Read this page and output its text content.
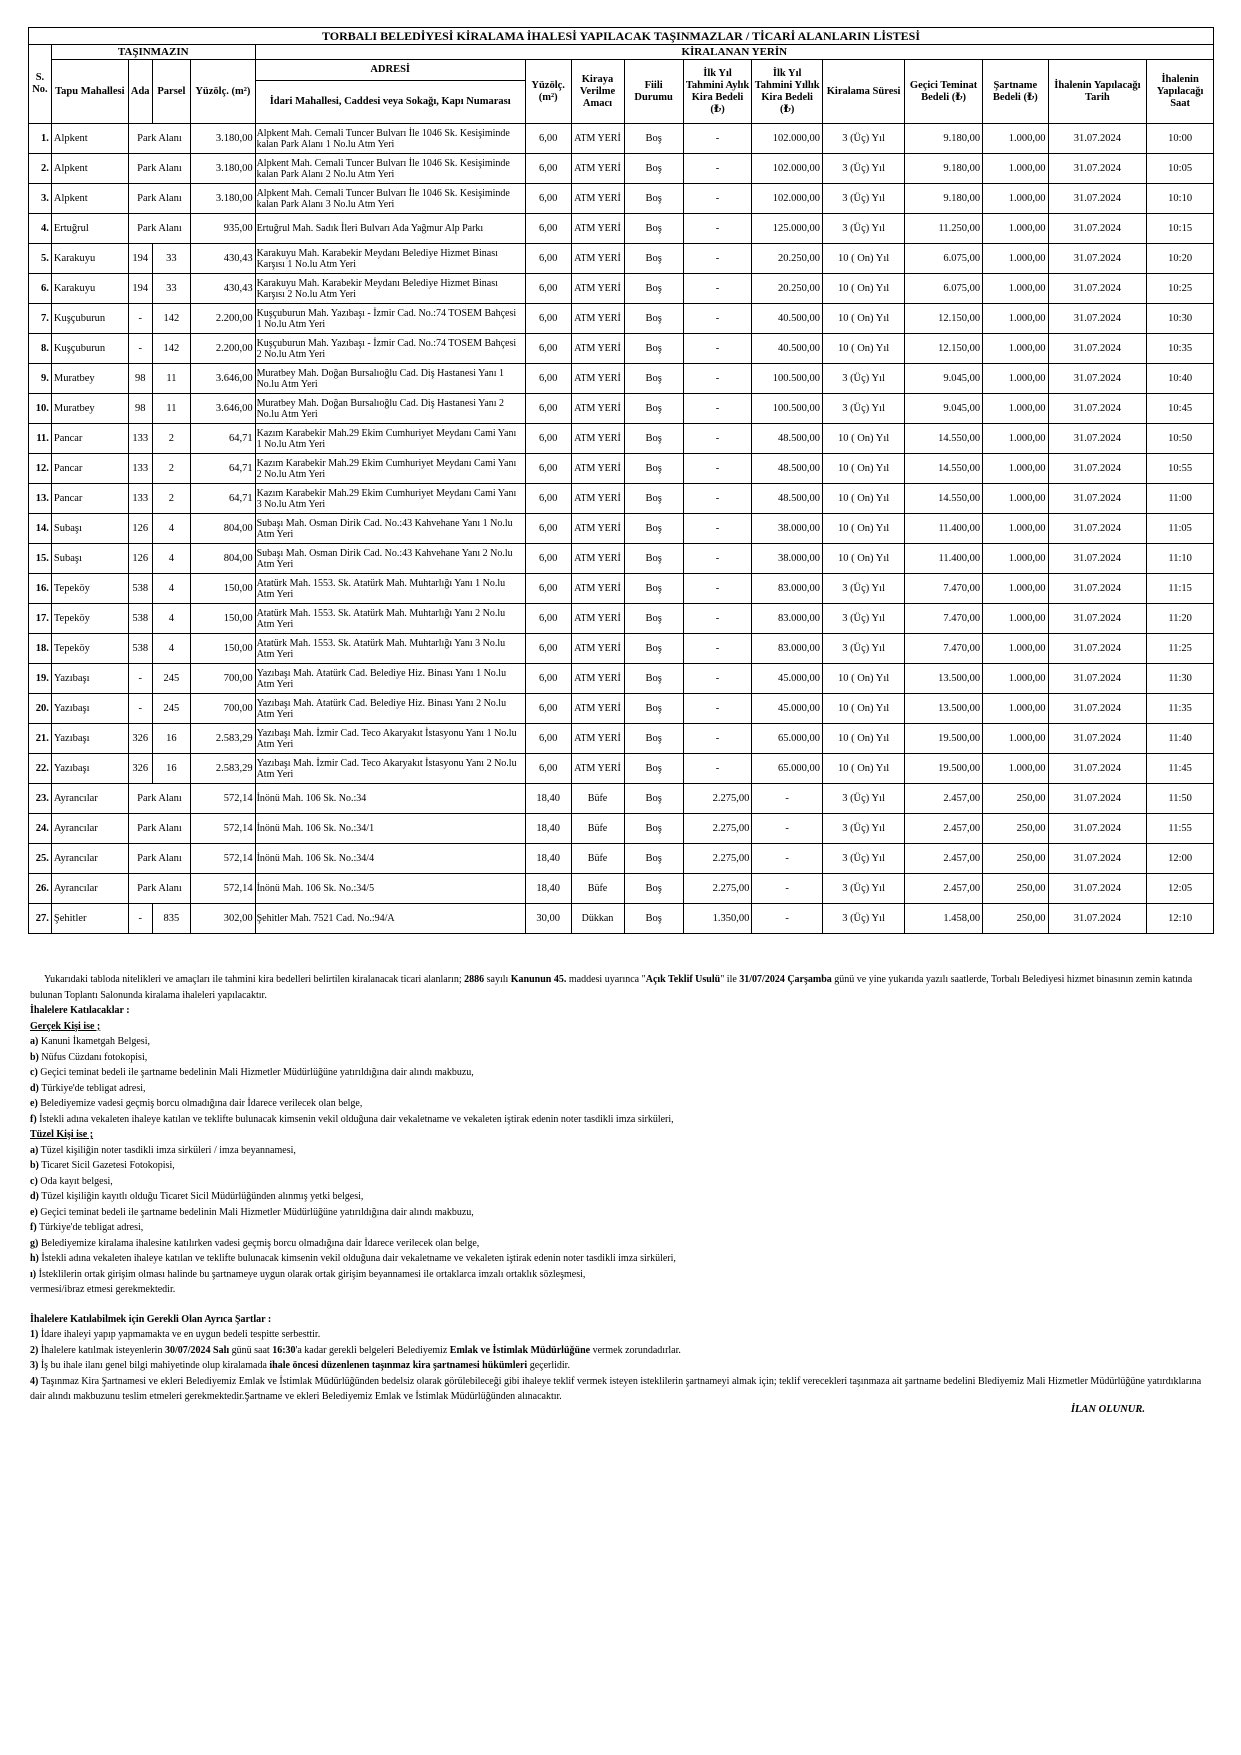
TORBALI BELEDİYESİ KİRALAMA İHALESİ YAPILACAK TAŞINMAZLAR / TİCARİ ALANLARIN LİSTESİ															
S. No.	TAŞINMAZIN				KİRALANAN YERİN										
	Tapu Mahallesi	Ada	Parsel	Yüzölç. (m²)	ADRESİ	Yüzölç. (m²)	Kiraya Verilme Amacı	Fiili Durumu	İlk Yıl Tahmini Aylık Kira Bedeli (₺)	İlk Yıl Tahmini Yıllık Kira Bedeli (₺)	Kiralama Süresi	Geçici Teminat Bedeli (₺)	Şartname Bedeli (₺)	İhalenin Yapılacağı Tarih	İhalenin Yapılacağı Saat
					İdari Mahallesi, Caddesi veya Sokağı, Kapı Numarası										
1.	Alpkent	Park Alanı		3.180,00	Alpkent Mah. Cemali Tuncer Bulvarı İle 1046 Sk. Kesişiminde kalan Park Alanı 1 No.lu Atm Yeri	6,00	ATM YERİ	Boş	-	102.000,00	3 (Üç) Yıl	9.180,00	1.000,00	31.07.2024	10:00
2.	Alpkent	Park Alanı		3.180,00	Alpkent Mah. Cemali Tuncer Bulvarı İle 1046 Sk. Kesişiminde kalan Park Alanı 2 No.lu Atm Yeri	6,00	ATM YERİ	Boş	-	102.000,00	3 (Üç) Yıl	9.180,00	1.000,00	31.07.2024	10:05
3.	Alpkent	Park Alanı		3.180,00	Alpkent Mah. Cemali Tuncer Bulvarı İle 1046 Sk. Kesişiminde kalan Park Alanı 3 No.lu Atm Yeri	6,00	ATM YERİ	Boş	-	102.000,00	3 (Üç) Yıl	9.180,00	1.000,00	31.07.2024	10:10
4.	Ertuğrul	Park Alanı		935,00	Ertuğrul Mah. Sadık İleri Bulvarı Ada Yağmur Alp Parkı	6,00	ATM YERİ	Boş	-	125.000,00	3 (Üç) Yıl	11.250,00	1.000,00	31.07.2024	10:15
5.	Karakuyu	194	33	430,43	Karakuyu Mah. Karabekir Meydanı Belediye Hizmet Binası Karşısı 1 No.lu Atm Yeri	6,00	ATM YERİ	Boş	-	20.250,00	10 ( On) Yıl	6.075,00	1.000,00	31.07.2024	10:20
6.	Karakuyu	194	33	430,43	Karakuyu Mah. Karabekir Meydanı Belediye Hizmet Binası Karşısı 2 No.lu Atm Yeri	6,00	ATM YERİ	Boş	-	20.250,00	10 ( On) Yıl	6.075,00	1.000,00	31.07.2024	10:25
7.	Kuşçuburun	-	142	2.200,00	Kuşçuburun Mah. Yazıbaşı - İzmir Cad. No.:74 TOSEM Bahçesi 1 No.lu Atm Yeri	6,00	ATM YERİ	Boş	-	40.500,00	10 ( On) Yıl	12.150,00	1.000,00	31.07.2024	10:30
8.	Kuşçuburun	-	142	2.200,00	Kuşçuburun Mah. Yazıbaşı - İzmir Cad. No.:74 TOSEM Bahçesi 2 No.lu Atm Yeri	6,00	ATM YERİ	Boş	-	40.500,00	10 ( On) Yıl	12.150,00	1.000,00	31.07.2024	10:35
9.	Muratbey	98	11	3.646,00	Muratbey Mah. Doğan Bursalıoğlu Cad. Diş Hastanesi Yanı 1 No.lu Atm Yeri	6,00	ATM YERİ	Boş	-	100.500,00	3 (Üç) Yıl	9.045,00	1.000,00	31.07.2024	10:40
10.	Muratbey	98	11	3.646,00	Muratbey Mah. Doğan Bursalıoğlu Cad. Diş Hastanesi Yanı 2 No.lu Atm Yeri	6,00	ATM YERİ	Boş	-	100.500,00	3 (Üç) Yıl	9.045,00	1.000,00	31.07.2024	10:45
11.	Pancar	133	2	64,71	Kazım Karabekir Mah.29 Ekim Cumhuriyet Meydanı Cami Yanı 1 No.lu Atm Yeri	6,00	ATM YERİ	Boş	-	48.500,00	10 ( On) Yıl	14.550,00	1.000,00	31.07.2024	10:50
12.	Pancar	133	2	64,71	Kazım Karabekir Mah.29 Ekim Cumhuriyet Meydanı Cami Yanı 2 No.lu Atm Yeri	6,00	ATM YERİ	Boş	-	48.500,00	10 ( On) Yıl	14.550,00	1.000,00	31.07.2024	10:55
13.	Pancar	133	2	64,71	Kazım Karabekir Mah.29 Ekim Cumhuriyet Meydanı Cami Yanı 3 No.lu Atm Yeri	6,00	ATM YERİ	Boş	-	48.500,00	10 ( On) Yıl	14.550,00	1.000,00	31.07.2024	11:00
14.	Subaşı	126	4	804,00	Subaşı Mah. Osman Dirik Cad. No.:43 Kahvehane Yanı 1 No.lu Atm Yeri	6,00	ATM YERİ	Boş	-	38.000,00	10 ( On) Yıl	11.400,00	1.000,00	31.07.2024	11:05
15.	Subaşı	126	4	804,00	Subaşı Mah. Osman Dirik Cad. No.:43 Kahvehane Yanı 2 No.lu Atm Yeri	6,00	ATM YERİ	Boş	-	38.000,00	10 ( On) Yıl	11.400,00	1.000,00	31.07.2024	11:10
16.	Tepeköy	538	4	150,00	Atatürk Mah. 1553. Sk. Atatürk Mah. Muhtarlığı Yanı 1 No.lu Atm Yeri	6,00	ATM YERİ	Boş	-	83.000,00	3 (Üç) Yıl	7.470,00	1.000,00	31.07.2024	11:15
17.	Tepeköy	538	4	150,00	Atatürk Mah. 1553. Sk. Atatürk Mah. Muhtarlığı Yanı 2 No.lu Atm Yeri	6,00	ATM YERİ	Boş	-	83.000,00	3 (Üç) Yıl	7.470,00	1.000,00	31.07.2024	11:20
18.	Tepeköy	538	4	150,00	Atatürk Mah. 1553. Sk. Atatürk Mah. Muhtarlığı Yanı 3 No.lu Atm Yeri	6,00	ATM YERİ	Boş	-	83.000,00	3 (Üç) Yıl	7.470,00	1.000,00	31.07.2024	11:25
19.	Yazıbaşı	-	245	700,00	Yazıbaşı Mah. Atatürk Cad. Belediye Hiz. Binası Yanı 1 No.lu Atm Yeri	6,00	ATM YERİ	Boş	-	45.000,00	10 ( On) Yıl	13.500,00	1.000,00	31.07.2024	11:30
20.	Yazıbaşı	-	245	700,00	Yazıbaşı Mah. Atatürk Cad. Belediye Hiz. Binası Yanı 2 No.lu Atm Yeri	6,00	ATM YERİ	Boş	-	45.000,00	10 ( On) Yıl	13.500,00	1.000,00	31.07.2024	11:35
21.	Yazıbaşı	326	16	2.583,29	Yazıbaşı Mah. İzmir Cad. Teco Akaryakıt İstasyonu Yanı 1 No.lu Atm Yeri	6,00	ATM YERİ	Boş	-	65.000,00	10 ( On) Yıl	19.500,00	1.000,00	31.07.2024	11:40
22.	Yazıbaşı	326	16	2.583,29	Yazıbaşı Mah. İzmir Cad. Teco Akaryakıt İstasyonu Yanı 2 No.lu Atm Yeri	6,00	ATM YERİ	Boş	-	65.000,00	10 ( On) Yıl	19.500,00	1.000,00	31.07.2024	11:45
23.	Ayrancılar	Park Alanı		572,14	İnönü Mah. 106 Sk. No.:34	18,40	Büfe	Boş	2.275,00	-	3 (Üç) Yıl	2.457,00	250,00	31.07.2024	11:50
24.	Ayrancılar	Park Alanı		572,14	İnönü Mah. 106 Sk. No.:34/1	18,40	Büfe	Boş	2.275,00	-	3 (Üç) Yıl	2.457,00	250,00	31.07.2024	11:55
25.	Ayrancılar	Park Alanı		572,14	İnönü Mah. 106 Sk. No.:34/4	18,40	Büfe	Boş	2.275,00	-	3 (Üç) Yıl	2.457,00	250,00	31.07.2024	12:00
26.	Ayrancılar	Park Alanı		572,14	İnönü Mah. 106 Sk. No.:34/5	18,40	Büfe	Boş	2.275,00	-	3 (Üç) Yıl	2.457,00	250,00	31.07.2024	12:05
27.	Şehitler	-	835	302,00	Şehitler Mah. 7521 Cad. No.:94/A	30,00	Dükkan	Boş	1.350,00	-	3 (Üç) Yıl	1.458,00	250,00	31.07.2024	12:10

Yukarıdaki tabloda nitelikleri ve amaçları ile tahmini kira bedelleri belirtilen kiralanacak ticari alanların; 2886 sayılı Kanunun 45. maddesi uyarınca "Açık Teklif Usulü" ile 31/07/2024 Çarşamba günü ve yine yukarıda yazılı saatlerde, Torbalı Belediyesi hizmet binasının zemin katında bulunan Toplantı Salonunda kiralama ihaleleri yapılacaktır.

İhalelere Katılacaklar :

Gerçek Kişi ise ;

a) Kanuni İkametgah Belgesi,

b) Nüfus Cüzdanı fotokopisi,

c) Geçici teminat bedeli ile şartname bedelinin Mali Hizmetler Müdürlüğüne yatırıldığına dair alındı makbuzu,

d) Türkiye'de tebligat adresi,

e) Belediyemize vadesi geçmiş borcu olmadığına dair İdarece verilecek olan belge,

f) İstekli adına vekaleten ihaleye katılan ve teklifte bulunacak kimsenin vekil olduğuna dair vekaletname ve vekaleten iştirak edenin noter tasdikli imza sirküleri,

Tüzel Kişi ise ;

a) Tüzel kişiliğin noter tasdikli imza sirküleri / imza beyannamesi,

b) Ticaret Sicil Gazetesi Fotokopisi,

c) Oda kayıt belgesi,

d) Tüzel kişiliğin kayıtlı olduğu Ticaret Sicil Müdürlüğünden alınmış yetki belgesi,

e) Geçici teminat bedeli ile şartname bedelinin Mali Hizmetler Müdürlüğüne yatırıldığına dair alındı makbuzu,

f) Türkiye'de tebligat adresi,

g) Belediyemize kiralama ihalesine katılırken vadesi geçmiş borcu olmadığına dair İdarece verilecek olan belge,

h) İstekli adına vekaleten ihaleye katılan ve teklifte bulunacak kimsenin vekil olduğuna dair vekaletname ve vekaleten iştirak edenin noter tasdikli imza sirküleri,

ı) İsteklilerin ortak girişim olması halinde bu şartnameye uygun olarak ortak girişim beyannamesi ile ortaklarca imzalı ortaklık sözleşmesi,

vermesi/ibraz etmesi gerekmektedir.

İhalelere Katılabilmek için Gerekli Olan Ayrıca Şartlar :

1) İdare ihaleyi yapıp yapmamakta ve en uygun bedeli tespitte serbesttir.

2) İhalelere katılmak isteyenlerin 30/07/2024 Salı günü saat 16:30'a kadar gerekli belgeleri Belediyemiz Emlak ve İstimlak Müdürlüğüne vermek zorundadırlar.

3) İş bu ihale ilanı genel bilgi mahiyetinde olup kiralamada ihale öncesi düzenlenen taşınmaz kira şartnamesi hükümleri geçerlidir.

4) Taşınmaz Kira Şartnamesi ve ekleri Belediyemiz Emlak ve İstimlak Müdürlüğünden bedelsiz olarak görülebileceği gibi ihaleye teklif vermek isteyen isteklilerin şartnameyi almak için; teklif verecekleri taşınmaza ait şartname bedelini Blediyemiz Mali Hizmetler Müdürlüğüne yatırdıklarına dair alındı makbuzunu teslim etmeleri gerekmektedir.Şartname ve ekleri Belediyemiz Emlak ve İstimlak Müdürlüğünden alınacaktır.

İLAN OLUNUR.
